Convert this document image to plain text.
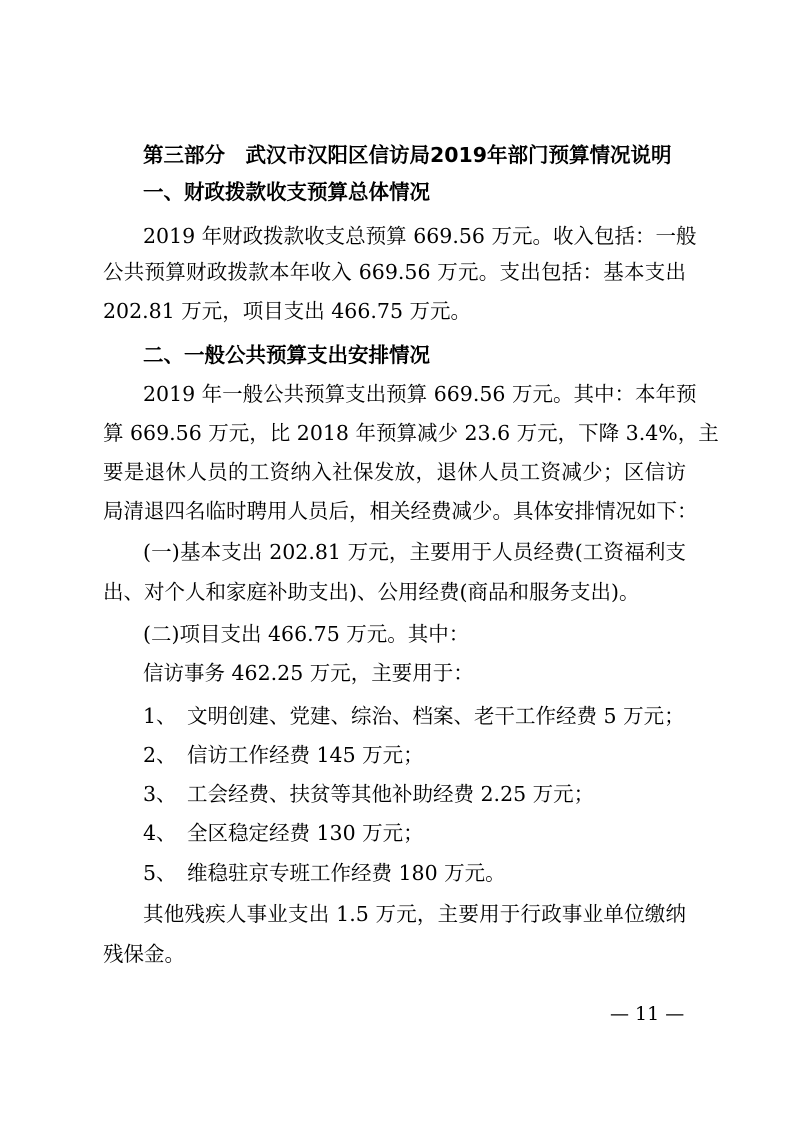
第三部分　武汉市汉阳区信访局2019年部门预算情况说明
一、财政拨款收支预算总体情况
2019 年财政拨款收支总预算 669.56 万元。收入包括：一般
公共预算财政拨款本年收入 669.56 万元。支出包括：基本支出
202.81 万元，项目支出 466.75 万元。
二、一般公共预算支出安排情况
2019 年一般公共预算支出预算 669.56 万元。其中：本年预
算 669.56 万元，比 2018 年预算减少 23.6 万元，下降 3.4%，主
要是退休人员的工资纳入社保发放，退休人员工资减少；区信访
局清退四名临时聘用人员后，相关经费减少。具体安排情况如下：
(一)基本支出 202.81 万元，主要用于人员经费(工资福利支
出、对个人和家庭补助支出)、公用经费(商品和服务支出)。
(二)项目支出 466.75 万元。其中：
信访事务 462.25 万元，主要用于：
1、 文明创建、党建、综治、档案、老干工作经费 5 万元；
2、 信访工作经费 145 万元；
3、 工会经费、扶贫等其他补助经费 2.25 万元；
4、 全区稳定经费 130 万元；
5、 维稳驻京专班工作经费 180 万元。
其他残疾人事业支出 1.5 万元，主要用于行政事业单位缴纳
残保金。
— 11 —
